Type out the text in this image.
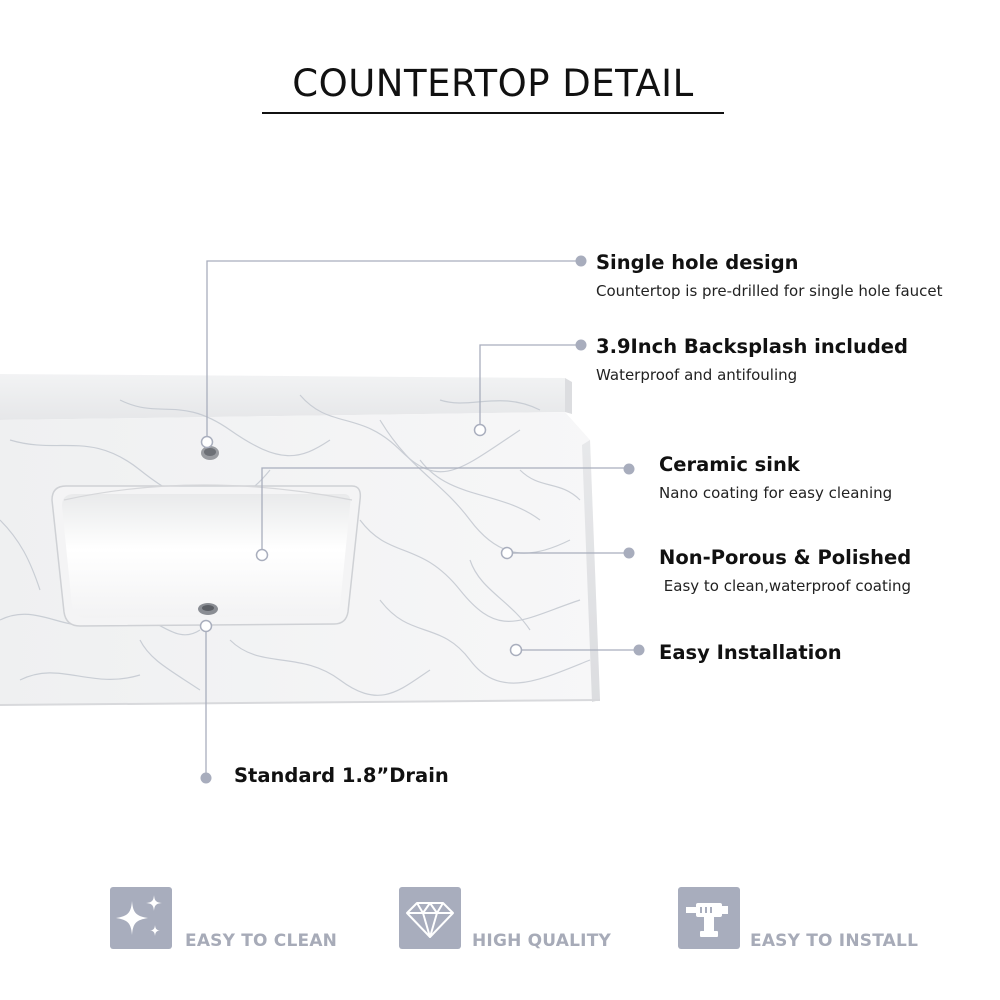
COUNTERTOP DETAIL
Single hole design
Countertop is pre-drilled for single hole faucet
3.9Inch Backsplash included
Waterproof and antifouling
Ceramic sink
Nano coating for easy cleaning
Non-Porous & Polished
Easy to clean,waterproof coating
Easy Installation
Standard 1.8”Drain
EASY TO CLEAN	HIGH QUALITY	EASY TO INSTALL
